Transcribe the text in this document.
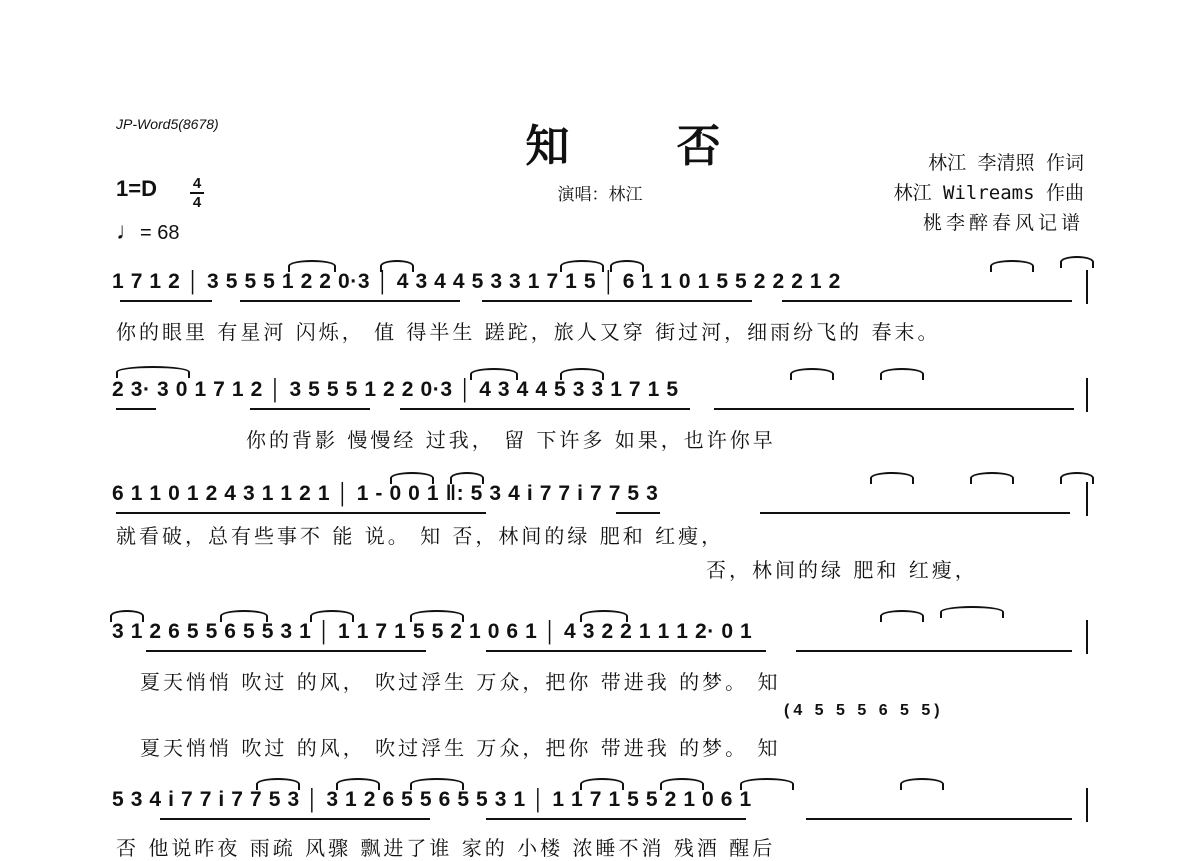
JP-Word5(8678)	知 否
演唱：林江
林江 李清照 作词
林江 Wilreams 作曲
桃李醉春风记谱
1=D 4
4
♩= 68
1 7 1 2 │ 3 5 5 5 1 2 2 0·3 │ 4 3 4 4 5 3 3 1 7 1 5 │ 6 1 1 0 1 5 5 2 2 2 1 2
你的眼里 有星河 闪烁， 值 得半生 蹉跎，旅人又穿 街过河，细雨纷飞的 春末。
2 3· 3 0 1 7 1 2 │ 3 5 5 5 1 2 2 0·3 │ 4 3 4 4 5 3 3 1 7 1 5
你的背影 慢慢经 过我， 留 下许多 如果，也许你早
6 1 1 0 1 2 4 3 1 1 2 1 │ 1 - 0 0 1 ‖: 5 3 4 i 7 7 i 7 7 5 3
就看破，总有些事不 能 说。 知 否，林间的绿 肥和 红瘦，
否，林间的绿 肥和 红瘦，
3 1 2 6 5 5 6 5 5 3 1 │ 1 1 7 1 5 5 2 1 0 6 1 │ 4 3 2 2 1 1 1 2· 0 1
夏天悄悄 吹过 的风， 吹过浮生 万众，把你 带进我 的梦。 知
夏天悄悄 吹过 的风， 吹过浮生 万众，把你 带进我 的梦。 知
(4 5 5 5 6 5 5)
5 3 4 i 7 7 i 7 7 5 3 │ 3 1 2 6 5 5 6 5 5 3 1 │ 1 1 7 1 5 5 2 1 0 6 1
否 他说昨夜 雨疏 风骤 飘进了谁 家的 小楼 浓睡不消 残酒 醒后
